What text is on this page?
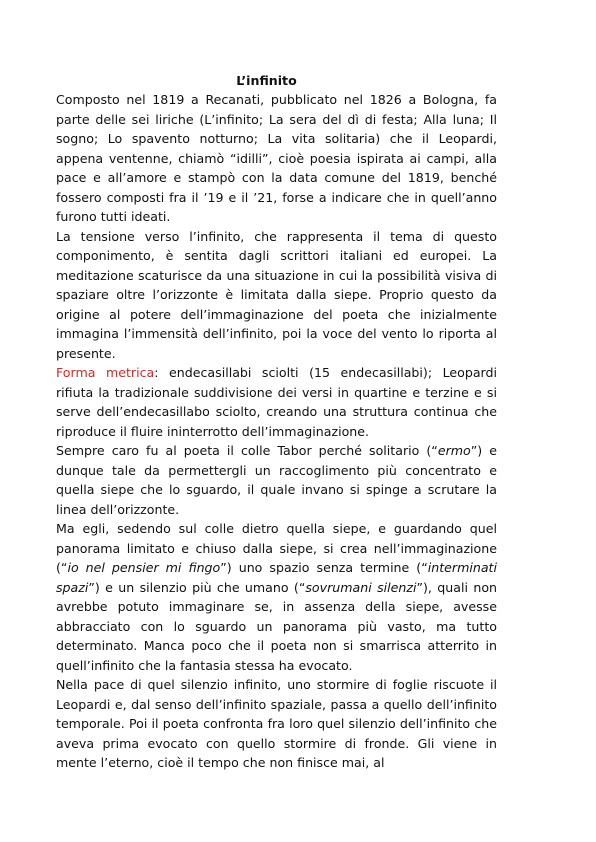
L’infinito

Composto nel 1819 a Recanati, pubblicato nel 1826 a Bologna, fa parte delle sei liriche (L’infinito; La sera del dì di festa; Alla luna; Il sogno; Lo spavento notturno; La vita solitaria) che il Leopardi, appena ventenne, chiamò “idilli”, cioè poesia ispirata ai campi, alla pace e all’amore e stampò con la data comune del 1819, benché fossero composti fra il ’19 e il ’21, forse a indicare che in quell’anno furono tutti ideati.

La tensione verso l’infinito, che rappresenta il tema di questo componimento, è sentita dagli scrittori italiani ed europei. La meditazione scaturisce da una situazione in cui la possibilità visiva di spaziare oltre l’orizzonte è limitata dalla siepe. Proprio questo da origine al potere dell’immaginazione del poeta che inizialmente immagina l’immensità dell’infinito, poi la voce del vento lo riporta al presente.

Forma metrica: endecasillabi sciolti (15 endecasillabi); Leopardi rifiuta la tradizionale suddivisione dei versi in quartine e terzine e si serve dell’endecasillabo sciolto, creando una struttura continua che riproduce il fluire ininterrotto dell’immaginazione.

Sempre caro fu al poeta il colle Tabor perché solitario (“ermo”) e dunque tale da permettergli un raccoglimento più concentrato e quella siepe che lo sguardo, il quale invano si spinge a scrutare la linea dell’orizzonte.

Ma egli, sedendo sul colle dietro quella siepe, e guardando quel panorama limitato e chiuso dalla siepe, si crea nell’immaginazione (“io nel pensier mi fingo”) uno spazio senza termine (“interminati spazi”) e un silenzio più che umano (“sovrumani silenzi”), quali non avrebbe potuto immaginare se, in assenza della siepe, avesse abbracciato con lo sguardo un panorama più vasto, ma tutto determinato. Manca poco che il poeta non si smarrisca atterrito in quell’infinito che la fantasia stessa ha evocato.

Nella pace di quel silenzio infinito, uno stormire di foglie riscuote il Leopardi e, dal senso dell’infinito spaziale, passa a quello dell’infinito temporale. Poi il poeta confronta fra loro quel silenzio dell’infinito che aveva prima evocato con quello stormire di fronde. Gli viene in mente l’eterno, cioè il tempo che non finisce mai, al
